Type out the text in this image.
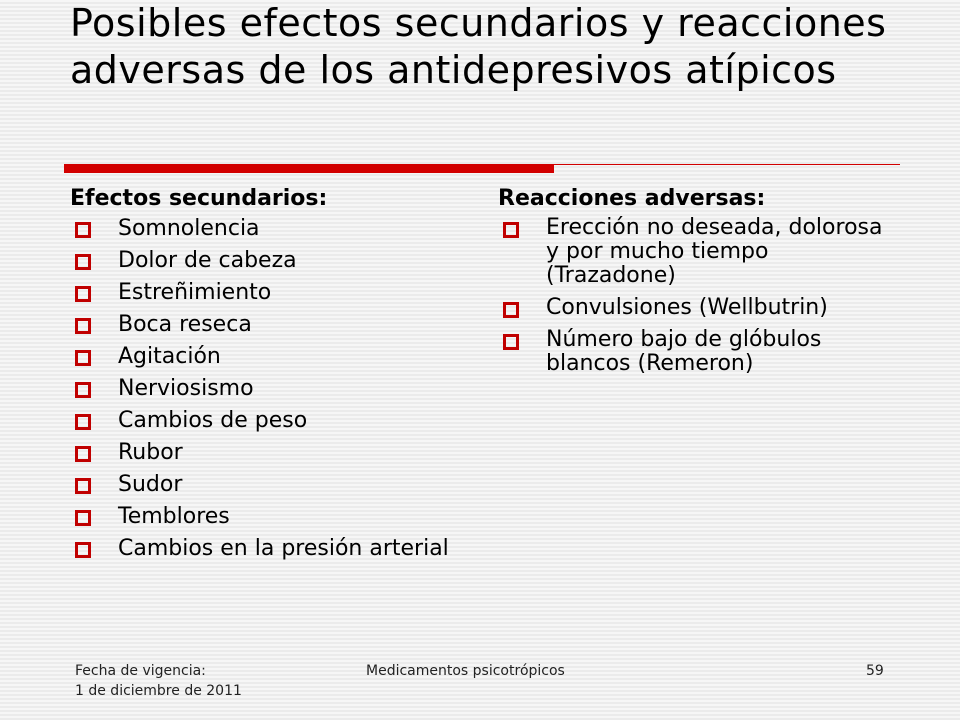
Posibles efectos secundarios y reacciones adversas de los antidepresivos atípicos
Efectos secundarios:
Somnolencia
Dolor de cabeza
Estreñimiento
Boca reseca
Agitación
Nerviosismo
Cambios de peso
Rubor
Sudor
Temblores
Cambios en la presión arterial
Reacciones adversas:
Erección no deseada, dolorosa y por mucho tiempo (Trazadone)
Convulsiones (Wellbutrin)
Número bajo de glóbulos blancos (Remeron)
Fecha de vigencia:
1 de diciembre de 2011
Medicamentos psicotrópicos	59
